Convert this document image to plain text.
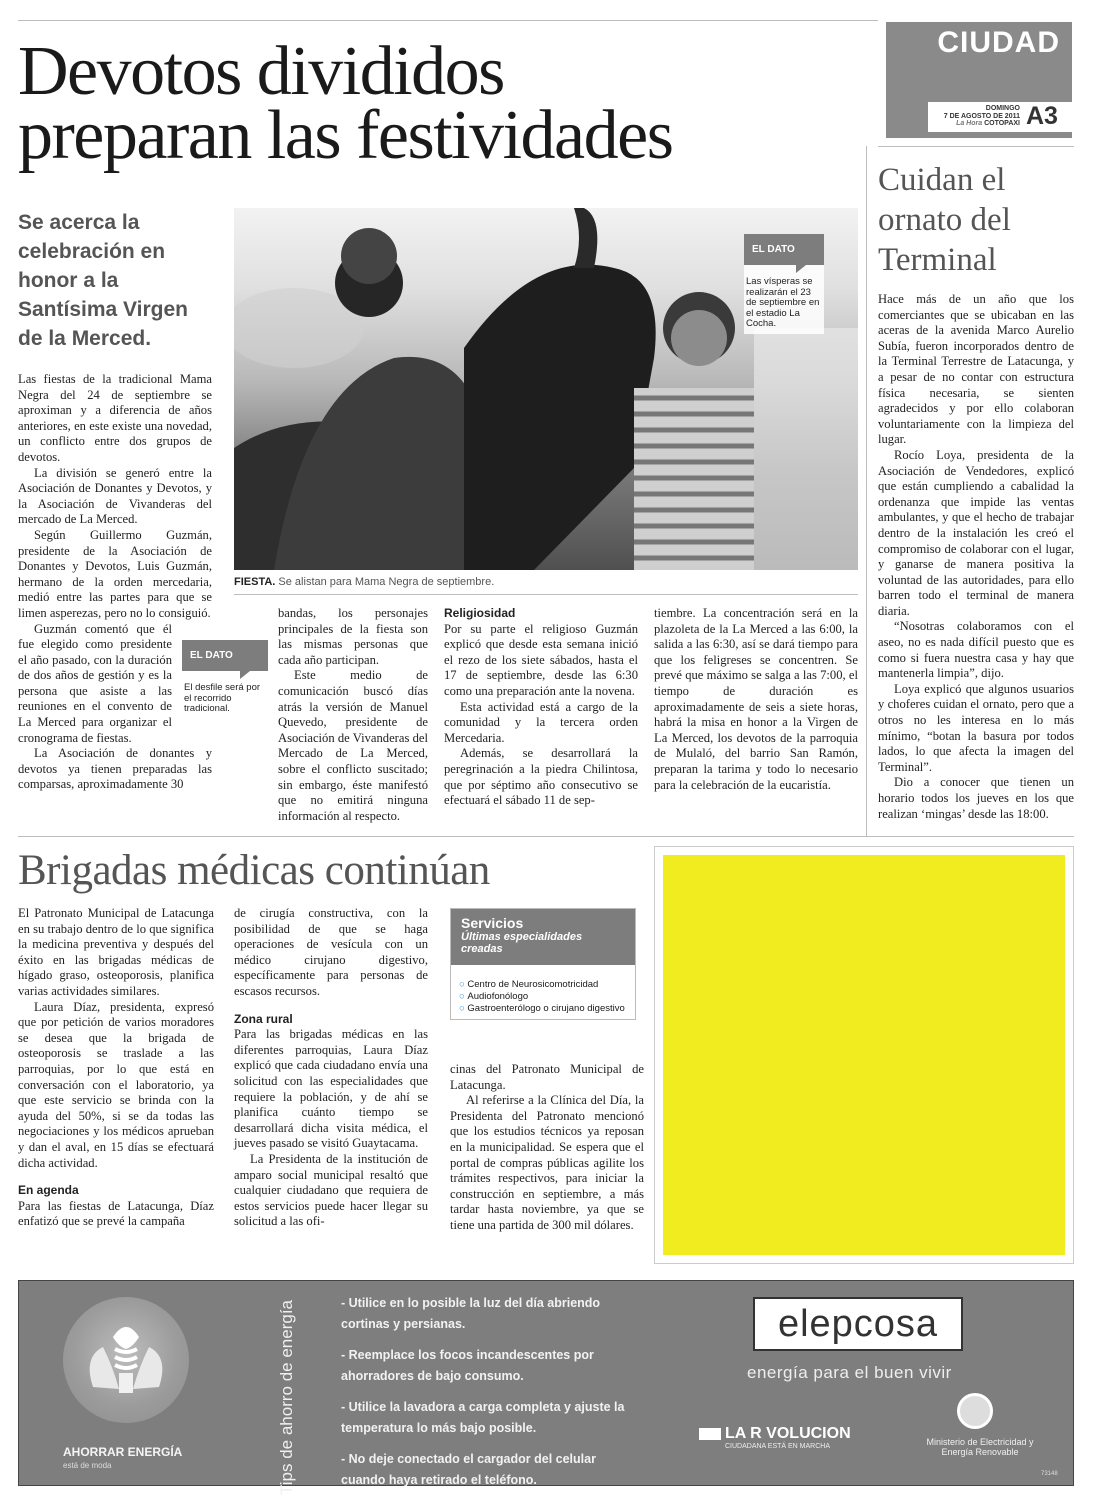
CIUDAD
DOMINGO
7 DE AGOSTO DE 2011
La Hora COTOPAXI A3
Devotos divididos
preparan las festividades
Se acerca la celebración en honor a la Santísima Virgen de la Merced.
EL DATO
Las vísperas se realizarán el 23 de septiembre en el estadio La Cocha.
FIESTA. Se alistan para Mama Negra de septiembre.

Las fiestas de la tradicional Mama Negra del 24 de septiembre se aproximan y a diferencia de años anteriores, en este existe una novedad, un conflicto entre dos grupos de devotos.

La división se generó entre la Asociación de Donantes y Devotos, y la Asociación de Vivanderas del mercado de La Merced.

Según Guillermo Guzmán, presidente de la Asociación de Donantes y Devotos, Luis Guzmán, hermano de la orden mercedaria, medió entre las partes para que se limen asperezas, pero no lo consiguió.

Guzmán comentó que él fue elegido como presidente el año pasado, con la duración de dos años de gestión y es la persona que asiste a las reuniones en el convento de La Merced para organizar el cronograma de fiestas.

La Asociación de donantes y devotos ya tienen preparadas las comparsas, aproximadamente 30

EL DATO
El desfile será por el recorrido tradicional.

bandas, los personajes principales de la fiesta son las mismas personas que cada año participan.

Este medio de comunicación buscó días atrás la versión de Manuel Quevedo, presidente de Asociación de Vivanderas del Mercado de La Merced, sobre el conflicto suscitado; sin embargo, éste manifestó que no emitirá ninguna información al respecto.

Religiosidad

Por su parte el religioso Guzmán explicó que desde esta semana inició el rezo de los siete sábados, hasta el 17 de septiembre, desde las 6:30 como una preparación ante la novena.

Esta actividad está a cargo de la comunidad y la tercera orden Mercedaria.

Además, se desarrollará la peregrinación a la piedra Chilintosa, que por séptimo año consecutivo se efectuará el sábado 11 de sep-

tiembre. La concentración será en la plazoleta de la La Merced a las 6:00, la salida a las 6:30, así se dará tiempo para que los feligreses se concentren. Se prevé que máximo se salga a las 7:00, el tiempo de duración es aproximadamente de seis a siete horas, habrá la misa en honor a la Virgen de La Merced, los devotos de la parroquia de Mulaló, del barrio San Ramón, preparan la tarima y todo lo necesario para la celebración de la eucaristía.

Cuidan el ornato del Terminal

Hace más de un año que los comerciantes que se ubicaban en las aceras de la avenida Marco Aurelio Subía, fueron incorporados dentro de la Terminal Terrestre de Latacunga, y a pesar de no contar con estructura física necesaria, se sienten agradecidos y por ello colaboran voluntariamente con la limpieza del lugar.

Rocío Loya, presidenta de la Asociación de Vendedores, explicó que están cumpliendo a cabalidad la ordenanza que impide las ventas ambulantes, y que el hecho de trabajar dentro de la instalación les creó el compromiso de colaborar con el lugar, y ganarse de manera positiva la voluntad de las autoridades, para ello barren todo el terminal de manera diaria.

“Nosotras colaboramos con el aseo, no es nada difícil puesto que es como si fuera nuestra casa y hay que mantenerla limpia”, dijo.

Loya explicó que algunos usuarios y choferes cuidan el ornato, pero que a otros no les interesa en lo más mínimo, “botan la basura por todos lados, lo que afecta la imagen del Terminal”.

Dio a conocer que tienen un horario todos los jueves en los que realizan ‘mingas’ desde las 18:00.

Brigadas médicas continúan

El Patronato Municipal de Latacunga en su trabajo dentro de lo que significa la medicina preventiva y después del éxito en las brigadas médicas de hígado graso, osteoporosis, planifica varias actividades similares.

Laura Díaz, presidenta, expresó que por petición de varios moradores se desea que la brigada de osteoporosis se traslade a las parroquias, por lo que está en conversación con el laboratorio, ya que este servicio se brinda con la ayuda del 50%, si se da todas las negociaciones y los médicos aprueban y dan el aval, en 15 días se efectuará dicha actividad.

En agenda

Para las fiestas de Latacunga, Díaz enfatizó que se prevé la campaña

de cirugía constructiva, con la posibilidad de que se haga operaciones de vesícula con un médico cirujano digestivo, específicamente para personas de escasos recursos.

Zona rural

Para las brigadas médicas en las diferentes parroquias, Laura Díaz explicó que cada ciudadano envía una solicitud con las especialidades que requiere la población, y de ahí se planifica cuánto tiempo se desarrollará dicha visita médica, el jueves pasado se visitó Guaytacama.

La Presidenta de la institución de amparo social municipal resaltó que cualquier ciudadano que requiera de estos servicios puede hacer llegar su solicitud a las ofi-

Servicios
Últimas especialidades creadas
○ Centro de Neurosicomotricidad
○ Audiofonólogo
○ Gastroenterólogo o cirujano digestivo

cinas del Patronato Municipal de Latacunga.

Al referirse a la Clínica del Día, la Presidenta del Patronato mencionó que los estudios técnicos ya reposan en la municipalidad. Se espera que el portal de compras públicas agilite los trámites respectivos, para iniciar la construcción en septiembre, a más tardar hasta noviembre, ya que se tiene una partida de 300 mil dólares.

AHORRAR ENERGÍA
está de moda	Tips de ahorro de energía	- Utilice en lo posible la luz del día abriendo cortinas y persianas.
- Reemplace los focos incandescentes por ahorradores de bajo consumo.
- Utilice la lavadora a carga completa y ajuste la temperatura lo más bajo posible.
- No deje conectado el cargador del celular cuando haya retirado el teléfono.
elepcosa
energía para el buen vivir
LA R VOLUCION
CIUDADANA ESTÁ EN MARCHA	Ministerio de Electricidad y Energía Renovable
73148
